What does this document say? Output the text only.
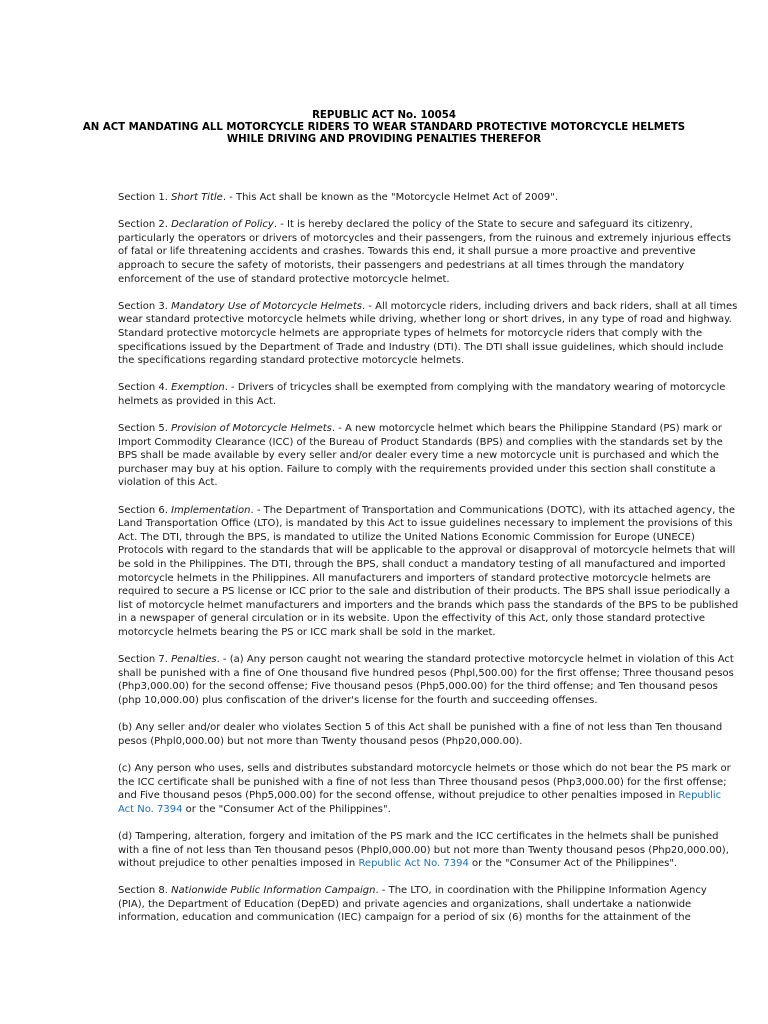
REPUBLIC ACT No. 10054
AN ACT MANDATING ALL MOTORCYCLE RIDERS TO WEAR STANDARD PROTECTIVE MOTORCYCLE HELMETS
WHILE DRIVING AND PROVIDING PENALTIES THEREFOR
Section 1. Short Title. - This Act shall be known as the "Motorcycle Helmet Act of 2009".
Section 2. Declaration of Policy. - It is hereby declared the policy of the State to secure and safeguard its citizenry,
particularly the operators or drivers of motorcycles and their passengers, from the ruinous and extremely injurious effects
of fatal or life threatening accidents and crashes. Towards this end, it shall pursue a more proactive and preventive
approach to secure the safety of motorists, their passengers and pedestrians at all times through the mandatory
enforcement of the use of standard protective motorcycle helmet.
Section 3. Mandatory Use of Motorcycle Helmets. - All motorcycle riders, including drivers and back riders, shall at all times
wear standard protective motorcycle helmets while driving, whether long or short drives, in any type of road and highway.
Standard protective motorcycle helmets are appropriate types of helmets for motorcycle riders that comply with the
specifications issued by the Department of Trade and Industry (DTI). The DTI shall issue guidelines, which should include
the specifications regarding standard protective motorcycle helmets.
Section 4. Exemption. - Drivers of tricycles shall be exempted from complying with the mandatory wearing of motorcycle
helmets as provided in this Act.
Section 5. Provision of Motorcycle Helmets. - A new motorcycle helmet which bears the Philippine Standard (PS) mark or
Import Commodity Clearance (ICC) of the Bureau of Product Standards (BPS) and complies with the standards set by the
BPS shall be made available by every seller and/or dealer every time a new motorcycle unit is purchased and which the
purchaser may buy at his option. Failure to comply with the requirements provided under this section shall constitute a
violation of this Act.
Section 6. Implementation. - The Department of Transportation and Communications (DOTC), with its attached agency, the
Land Transportation Office (LTO), is mandated by this Act to issue guidelines necessary to implement the provisions of this
Act. The DTI, through the BPS, is mandated to utilize the United Nations Economic Commission for Europe (UNECE)
Protocols with regard to the standards that will be applicable to the approval or disapproval of motorcycle helmets that will
be sold in the Philippines. The DTI, through the BPS, shall conduct a mandatory testing of all manufactured and imported
motorcycle helmets in the Philippines. All manufacturers and importers of standard protective motorcycle helmets are
required to secure a PS license or ICC prior to the sale and distribution of their products. The BPS shall issue periodically a
list of motorcycle helmet manufacturers and importers and the brands which pass the standards of the BPS to be published
in a newspaper of general circulation or in its website. Upon the effectivity of this Act, only those standard protective
motorcycle helmets bearing the PS or ICC mark shall be sold in the market.
Section 7. Penalties. - (a) Any person caught not wearing the standard protective motorcycle helmet in violation of this Act
shall be punished with a fine of One thousand five hundred pesos (Phpl,500.00) for the first offense; Three thousand pesos
(Php3,000.00) for the second offense; Five thousand pesos (Php5,000.00) for the third offense; and Ten thousand pesos
(php 10,000.00) plus confiscation of the driver's license for the fourth and succeeding offenses.
(b) Any seller and/or dealer who violates Section 5 of this Act shall be punished with a fine of not less than Ten thousand
pesos (Phpl0,000.00) but not more than Twenty thousand pesos (Php20,000.00).
(c) Any person who uses, sells and distributes substandard motorcycle helmets or those which do not bear the PS mark or
the ICC certificate shall be punished with a fine of not less than Three thousand pesos (Php3,000.00) for the first offense;
and Five thousand pesos (Php5,000.00) for the second offense, without prejudice to other penalties imposed in Republic
Act No. 7394 or the "Consumer Act of the Philippines".
(d) Tampering, alteration, forgery and imitation of the PS mark and the ICC certificates in the helmets shall be punished
with a fine of not less than Ten thousand pesos (Phpl0,000.00) but not more than Twenty thousand pesos (Php20,000.00),
without prejudice to other penalties imposed in Republic Act No. 7394 or the "Consumer Act of the Philippines".
Section 8. Nationwide Public Information Campaign. - The LTO, in coordination with the Philippine Information Agency
(PIA), the Department of Education (DepED) and private agencies and organizations, shall undertake a nationwide
information, education and communication (IEC) campaign for a period of six (6) months for the attainment of the
